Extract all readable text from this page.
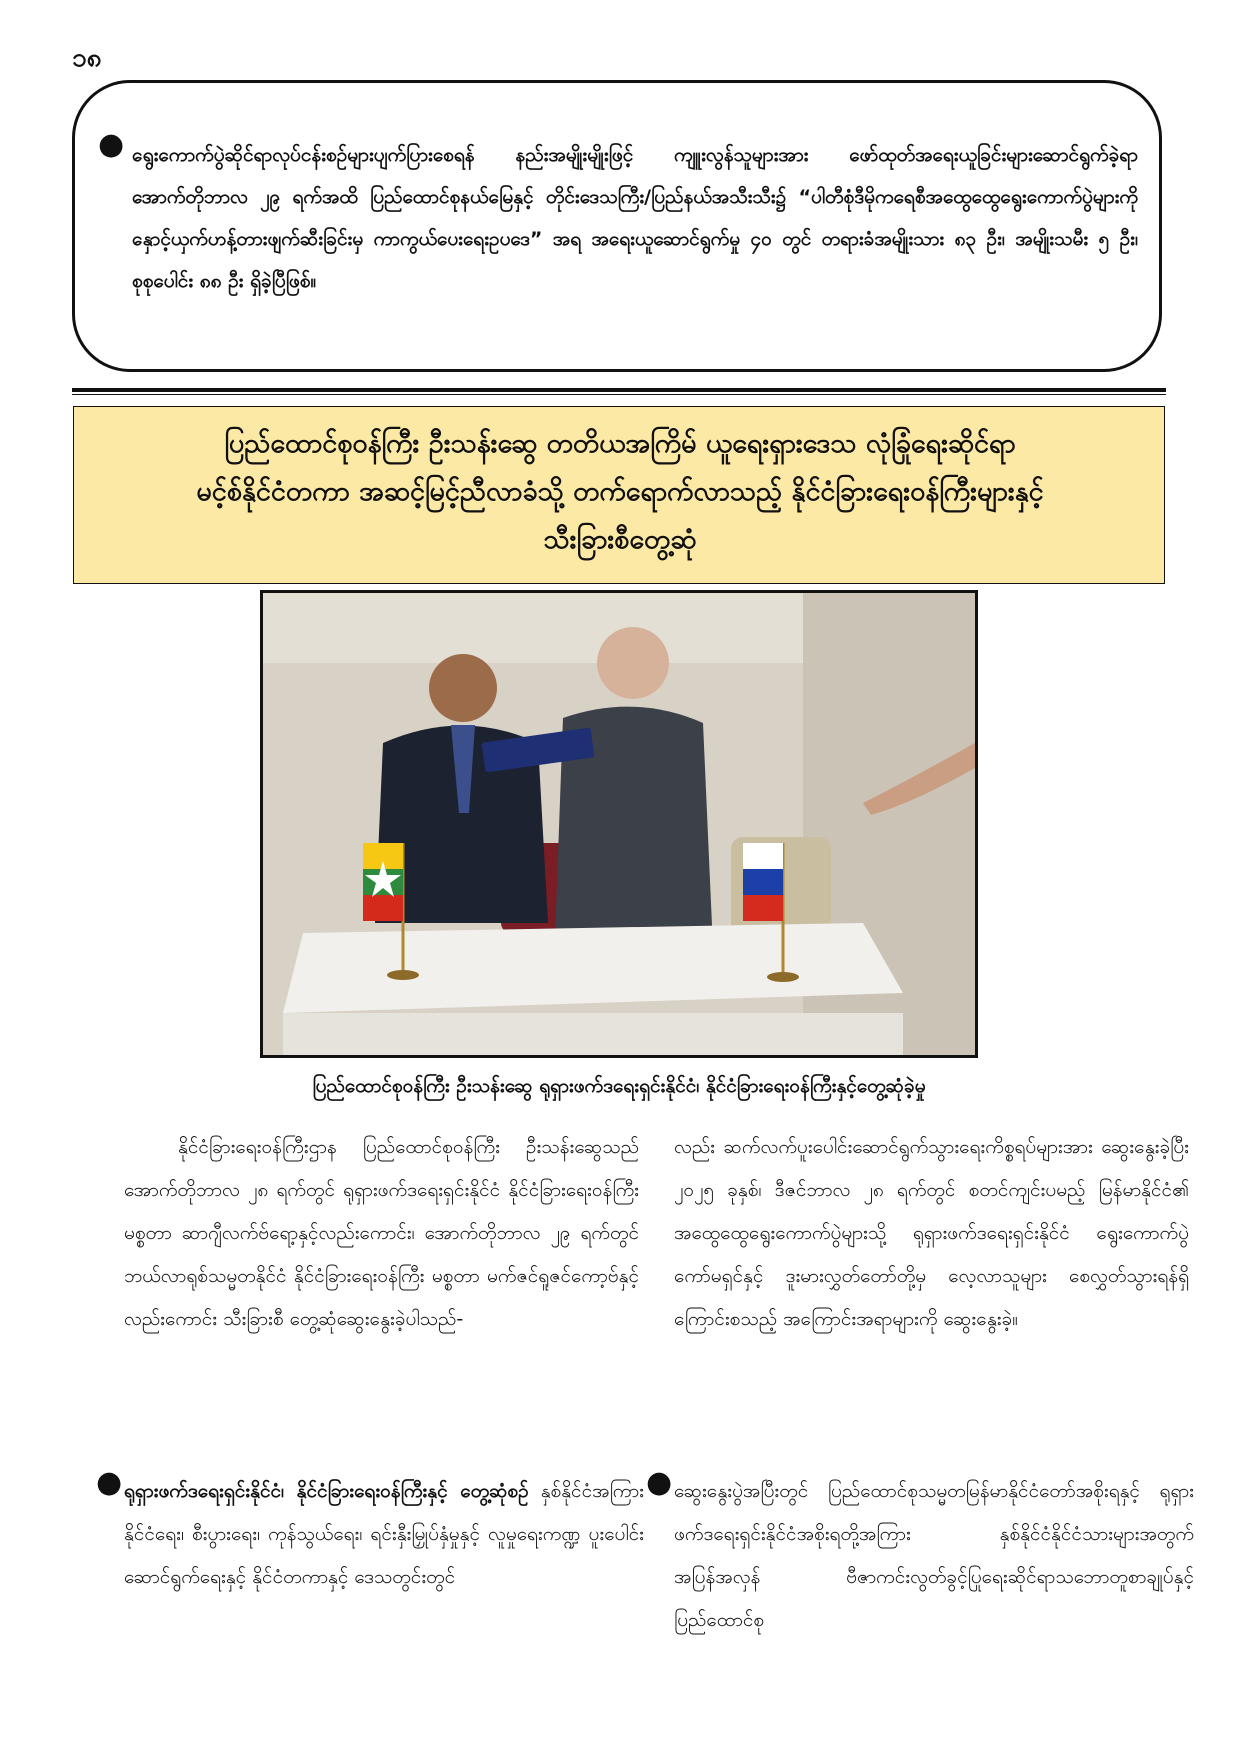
၁၈
● ရွေးကောက်ပွဲဆိုင်ရာလုပ်ငန်းစဉ်များပျက်ပြားစေရန် နည်းအမျိုးမျိုးဖြင့် ကျူးလွန်သူများအား ဖော်ထုတ်အရေးယူခြင်းများဆောင်ရွက်ခဲ့ရာ အောက်တိုဘာလ ၂၉ ရက်အထိ ပြည်ထောင်စုနယ်မြေနှင့် တိုင်းဒေသကြီး/ပြည်နယ်အသီးသီး၌ “ပါတီစုံဒီမိုကရေစီအထွေထွေရွေးကောက်ပွဲများကို နှောင့်ယှက်ဟန့်တားဖျက်ဆီးခြင်းမှ ကာကွယ်ပေးရေးဥပဒေ” အရ အရေးယူဆောင်ရွက်မှု ၄၀ တွင် တရားခံအမျိုးသား ၈၃ ဦး၊ အမျိုးသမီး ၅ ဦး၊ စုစုပေါင်း ၈၈ ဦး ရှိခဲ့ပြီဖြစ်။
ပြည်ထောင်စုဝန်ကြီး ဦးသန်းဆွေ တတိယအကြိမ် ယူရေးရှားဒေသ လုံခြုံရေးဆိုင်ရာ
မင့်စ်နိုင်ငံတကာ အဆင့်မြင့်ညီလာခံသို့ တက်ရောက်လာသည့် နိုင်ငံခြားရေးဝန်ကြီးများနှင့်
သီးခြားစီတွေ့ဆုံ
ပြည်ထောင်စုဝန်ကြီး ဦးသန်းဆွေ ရုရှားဖက်ဒရေးရှင်းနိုင်ငံ၊ နိုင်ငံခြားရေးဝန်ကြီးနှင့်တွေ့ဆုံခဲ့မှု

နိုင်ငံခြားရေးဝန်ကြီးဌာန ပြည်ထောင်စုဝန်ကြီး ဦးသန်းဆွေသည် အောက်တိုဘာလ ၂၈ ရက်တွင် ရုရှားဖက်ဒရေးရှင်းနိုင်ငံ နိုင်ငံခြားရေးဝန်ကြီး မစ္စတာ ဆာဂျီလက်ဗ်ရော့နှင့်လည်းကောင်း၊ အောက်တိုဘာလ ၂၉ ရက်တွင် ဘယ်လာရုစ်သမ္မတနိုင်ငံ နိုင်ငံခြားရေးဝန်ကြီး မစ္စတာ မက်ဇင်ရူဇင်ကော့ဗ်နှင့်လည်းကောင်း သီးခြားစီ တွေ့ဆုံဆွေးနွေးခဲ့ပါသည်-

လည်း ဆက်လက်ပူးပေါင်းဆောင်ရွက်သွားရေးကိစ္စရပ်များအား ဆွေးနွေးခဲ့ပြီး ၂၀၂၅ ခုနှစ်၊ ဒီဇင်ဘာလ ၂၈ ရက်တွင် စတင်ကျင်းပမည့် မြန်မာနိုင်ငံ၏ အထွေထွေရွေးကောက်ပွဲများသို့ ရုရှားဖက်ဒရေးရှင်းနိုင်ငံ ရွေးကောက်ပွဲကော်မရှင်နှင့် ဒူးမားလွှတ်တော်တို့မှ လေ့လာသူများ စေလွှတ်သွားရန်ရှိကြောင်းစသည့် အကြောင်းအရာများကို ဆွေးနွေးခဲ့။

● ရုရှားဖက်ဒရေးရှင်းနိုင်ငံ၊ နိုင်ငံခြားရေးဝန်ကြီးနှင့် တွေ့ဆုံစဉ် နှစ်နိုင်ငံအကြား နိုင်ငံရေး၊ စီးပွားရေး၊ ကုန်သွယ်ရေး၊ ရင်းနှီးမြှုပ်နှံမှုနှင့် လူမှုရေးကဏ္ဍ ပူးပေါင်းဆောင်ရွက်ရေးနှင့် နိုင်ငံတကာနှင့် ဒေသတွင်းတွင်
● ဆွေးနွေးပွဲအပြီးတွင် ပြည်ထောင်စုသမ္မတမြန်မာနိုင်ငံတော်အစိုးရနှင့် ရုရှားဖက်ဒရေးရှင်းနိုင်ငံအစိုးရတို့အကြား နှစ်နိုင်ငံနိုင်ငံသားများအတွက် အပြန်အလှန် ဗီဇာကင်းလွတ်ခွင့်ပြုရေးဆိုင်ရာသဘောတူစာချုပ်နှင့် ပြည်ထောင်စု
